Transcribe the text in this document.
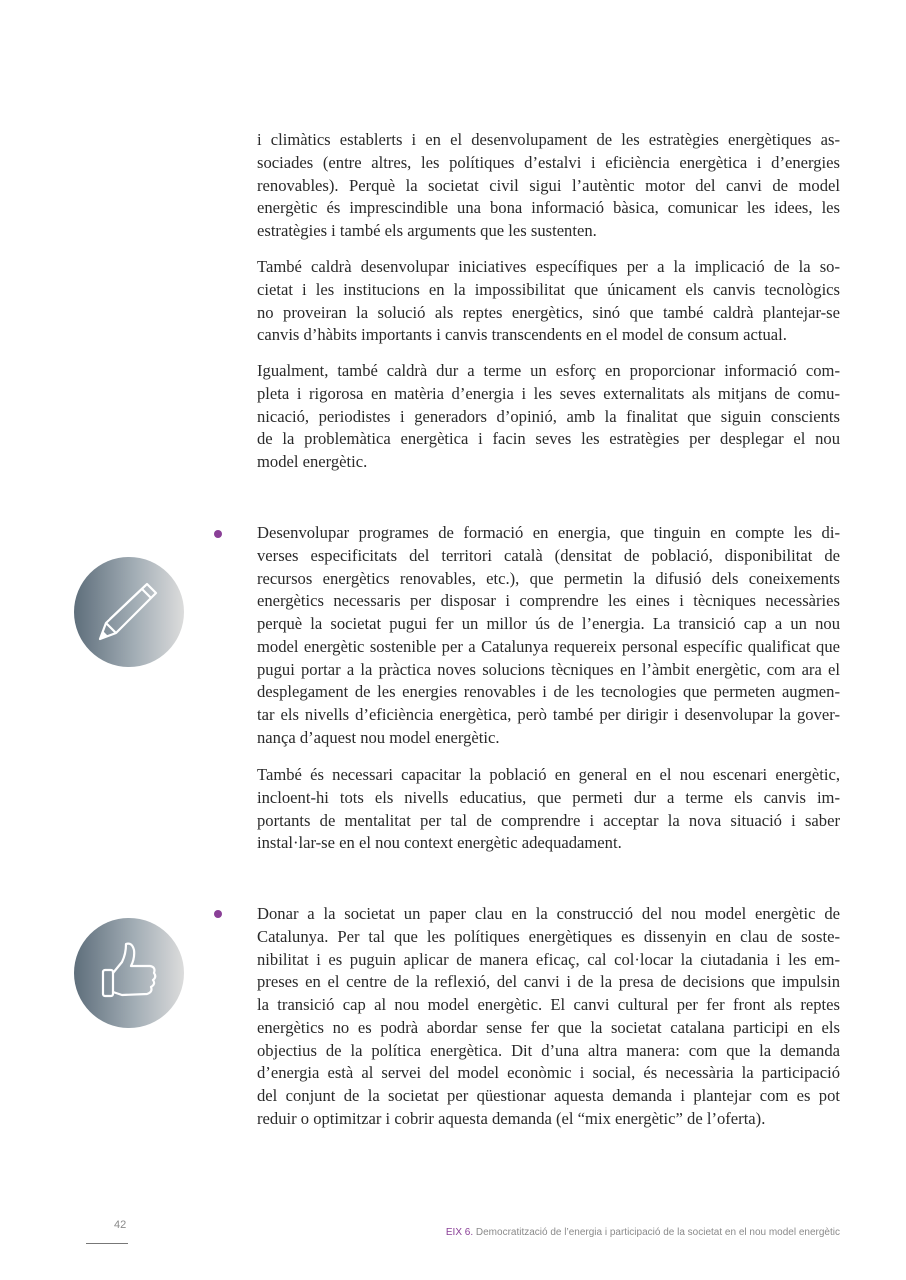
i climàtics establerts i en el desenvolupament de les estratègies energètiques as-
sociades (entre altres, les polítiques d’estalvi i eficiència energètica i d’energies
renovables). Perquè la societat civil sigui l’autèntic motor del canvi de model
energètic és imprescindible una bona informació bàsica, comunicar les idees, les
estratègies i també els arguments que les sustenten.
També caldrà desenvolupar iniciatives específiques per a la implicació de la so-
cietat i les institucions en la impossibilitat que únicament els canvis tecnològics
no proveiran la solució als reptes energètics, sinó que també caldrà plantejar-se
canvis d’hàbits importants i canvis transcendents en el model de consum actual.
Igualment, també caldrà dur a terme un esforç en proporcionar informació com-
pleta i rigorosa en matèria d’energia i les seves externalitats als mitjans de comu-
nicació, periodistes i generadors d’opinió, amb la finalitat que siguin conscients
de la problemàtica energètica i facin seves les estratègies per desplegar el nou
model energètic.
Desenvolupar programes de formació en energia, que tinguin en compte les di-
verses especificitats del territori català (densitat de població, disponibilitat de
recursos energètics renovables, etc.), que permetin la difusió dels coneixements
energètics necessaris per disposar i comprendre les eines i tècniques necessàries
perquè la societat pugui fer un millor ús de l’energia. La transició cap a un nou
model energètic sostenible per a Catalunya requereix personal específic qualificat que
pugui portar a la pràctica noves solucions tècniques en l’àmbit energètic, com ara el
desplegament de les energies renovables i de les tecnologies que permeten augmen-
tar els nivells d’eficiència energètica, però també per dirigir i desenvolupar la gover-
nança d’aquest nou model energètic.
També és necessari capacitar la població en general en el nou escenari energètic,
incloent-hi tots els nivells educatius, que permeti dur a terme els canvis im-
portants de mentalitat per tal de comprendre i acceptar la nova situació i saber
instal·lar-se en el nou context energètic adequadament.
Donar a la societat un paper clau en la construcció del nou model energètic de
Catalunya. Per tal que les polítiques energètiques es dissenyin en clau de soste-
nibilitat i es puguin aplicar de manera eficaç, cal col·locar la ciutadania i les em-
preses en el centre de la reflexió, del canvi i de la presa de decisions que impulsin
la transició cap al nou model energètic. El canvi cultural per fer front als reptes
energètics no es podrà abordar sense fer que la societat catalana participi en els
objectius de la política energètica. Dit d’una altra manera: com que la demanda
d’energia està al servei del model econòmic i social, és necessària la participació
del conjunt de la societat per qüestionar aquesta demanda i plantejar com es pot
reduir o optimitzar i cobrir aquesta demanda (el “mix energètic” de l’oferta).
42
EIX 6. Democratització de l’energia i participació de la societat en el nou model energètic
